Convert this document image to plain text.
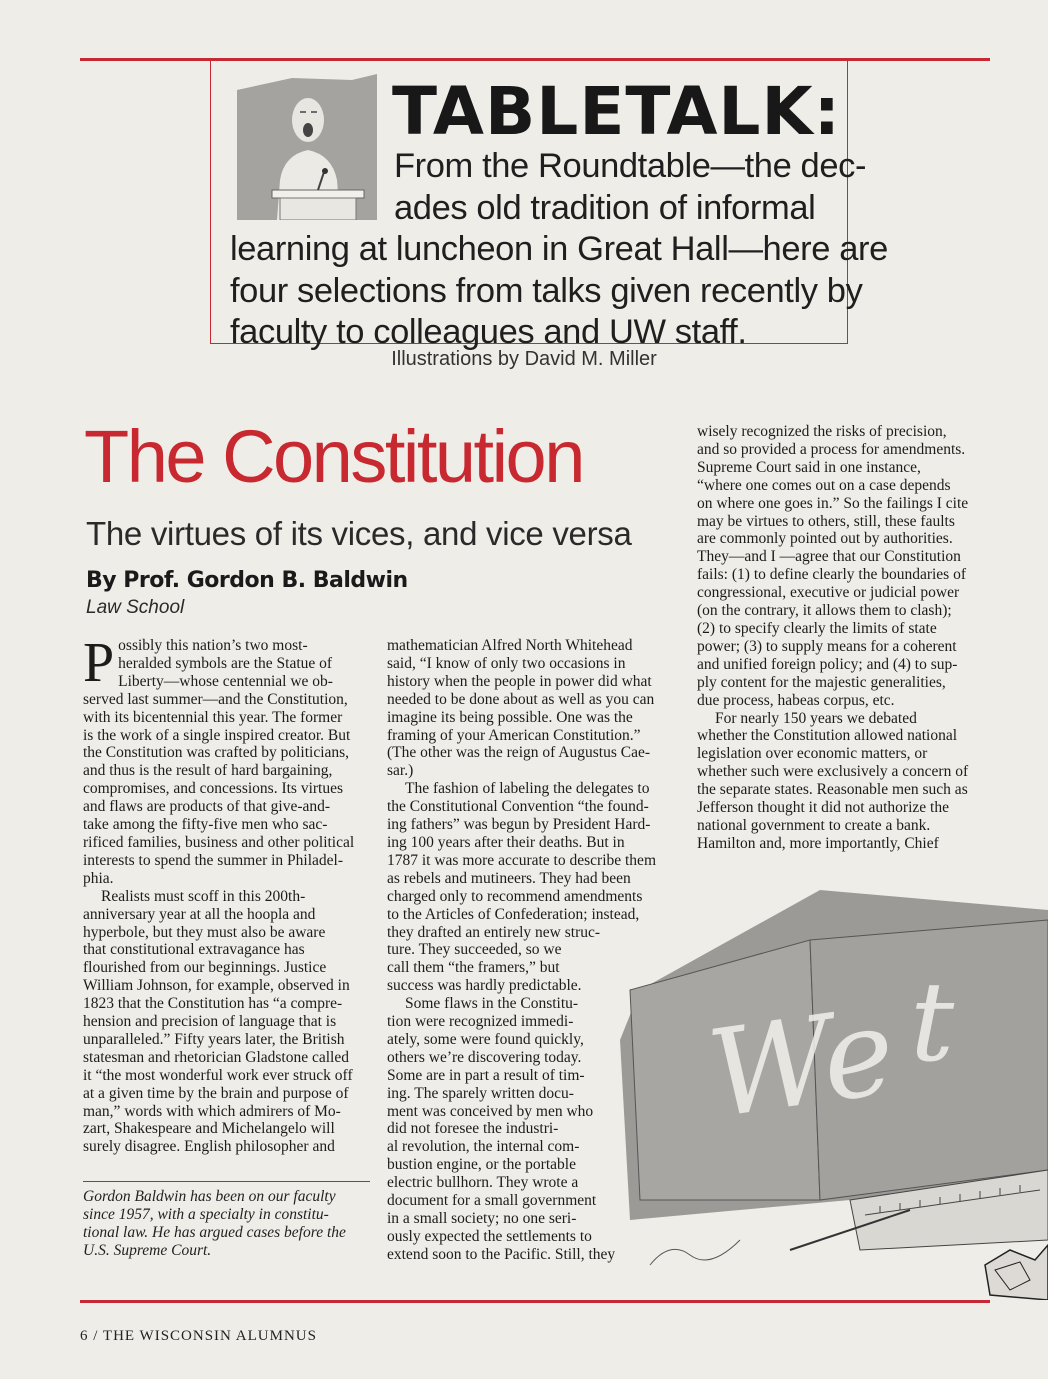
TABLETALK:
From the Roundtable—the dec-
ades old tradition of informal
learning at luncheon in Great Hall—here are
four selections from talks given recently by
faculty to colleagues and UW staff.
Illustrations by David M. Miller
The Constitution
The virtues of its vices, and vice versa
By Prof. Gordon B. Baldwin
Law School

P ossibly this nation’s two most-
heralded symbols are the Statue of
Liberty—whose centennial we ob-
served last summer—and the Constitution,
with its bicentennial this year. The former
is the work of a single inspired creator. But
the Constitution was crafted by politicians,
and thus is the result of hard bargaining,
compromises, and concessions. Its virtues
and flaws are products of that give-and-
take among the fifty-five men who sac-
rificed families, business and other political
interests to spend the summer in Philadel-
phia.

Realists must scoff in this 200th-
anniversary year at all the hoopla and
hyperbole, but they must also be aware
that constitutional extravagance has
flourished from our beginnings. Justice
William Johnson, for example, observed in
1823 that the Constitution has “a compre-
hension and precision of language that is
unparalleled.” Fifty years later, the British
statesman and rhetorician Gladstone called
it “the most wonderful work ever struck off
at a given time by the brain and purpose of
man,” words with which admirers of Mo-
zart, Shakespeare and Michelangelo will
surely disagree. English philosopher and

Gordon Baldwin has been on our faculty
since 1957, with a specialty in constitu-
tional law. He has argued cases before the
U.S. Supreme Court.

mathematician Alfred North Whitehead
said, “I know of only two occasions in
history when the people in power did what
needed to be done about as well as you can
imagine its being possible. One was the
framing of your American Constitution.”
(The other was the reign of Augustus Cae-
sar.)

The fashion of labeling the delegates to
the Constitutional Convention “the found-
ing fathers” was begun by President Hard-
ing 100 years after their deaths. But in
1787 it was more accurate to describe them
as rebels and mutineers. They had been
charged only to recommend amendments
to the Articles of Confederation; instead,
they drafted an entirely new struc-
ture. They succeeded, so we
call them “the framers,” but
success was hardly predictable.

Some flaws in the Constitu-
tion were recognized immedi-
ately, some were found quickly,
others we’re discovering today.
Some are in part a result of tim-
ing. The sparely written docu-
ment was conceived by men who
did not foresee the industri-
al revolution, the internal com-
bustion engine, or the portable
electric bullhorn. They wrote a
document for a small government
in a small society; no one seri-
ously expected the settlements to
extend soon to the Pacific. Still, they

wisely recognized the risks of precision,
and so provided a process for amendments.
Supreme Court said in one instance,
“where one comes out on a case depends
on where one goes in.” So the failings I cite
may be virtues to others, still, these faults
are commonly pointed out by authorities.
They—and I —agree that our Constitution
fails: (1) to define clearly the boundaries of
congressional, executive or judicial power
(on the contrary, it allows them to clash);
(2) to specify clearly the limits of state
power; (3) to supply means for a coherent
and unified foreign policy; and (4) to sup-
ply content for the majestic generalities,
due process, habeas corpus, etc.

For nearly 150 years we debated
whether the Constitution allowed national
legislation over economic matters, or
whether such were exclusively a concern of
the separate states. Reasonable men such as
Jefferson thought it did not authorize the
national government to create a bank.
Hamilton and, more importantly, Chief

We t
6 / THE WISCONSIN ALUMNUS
